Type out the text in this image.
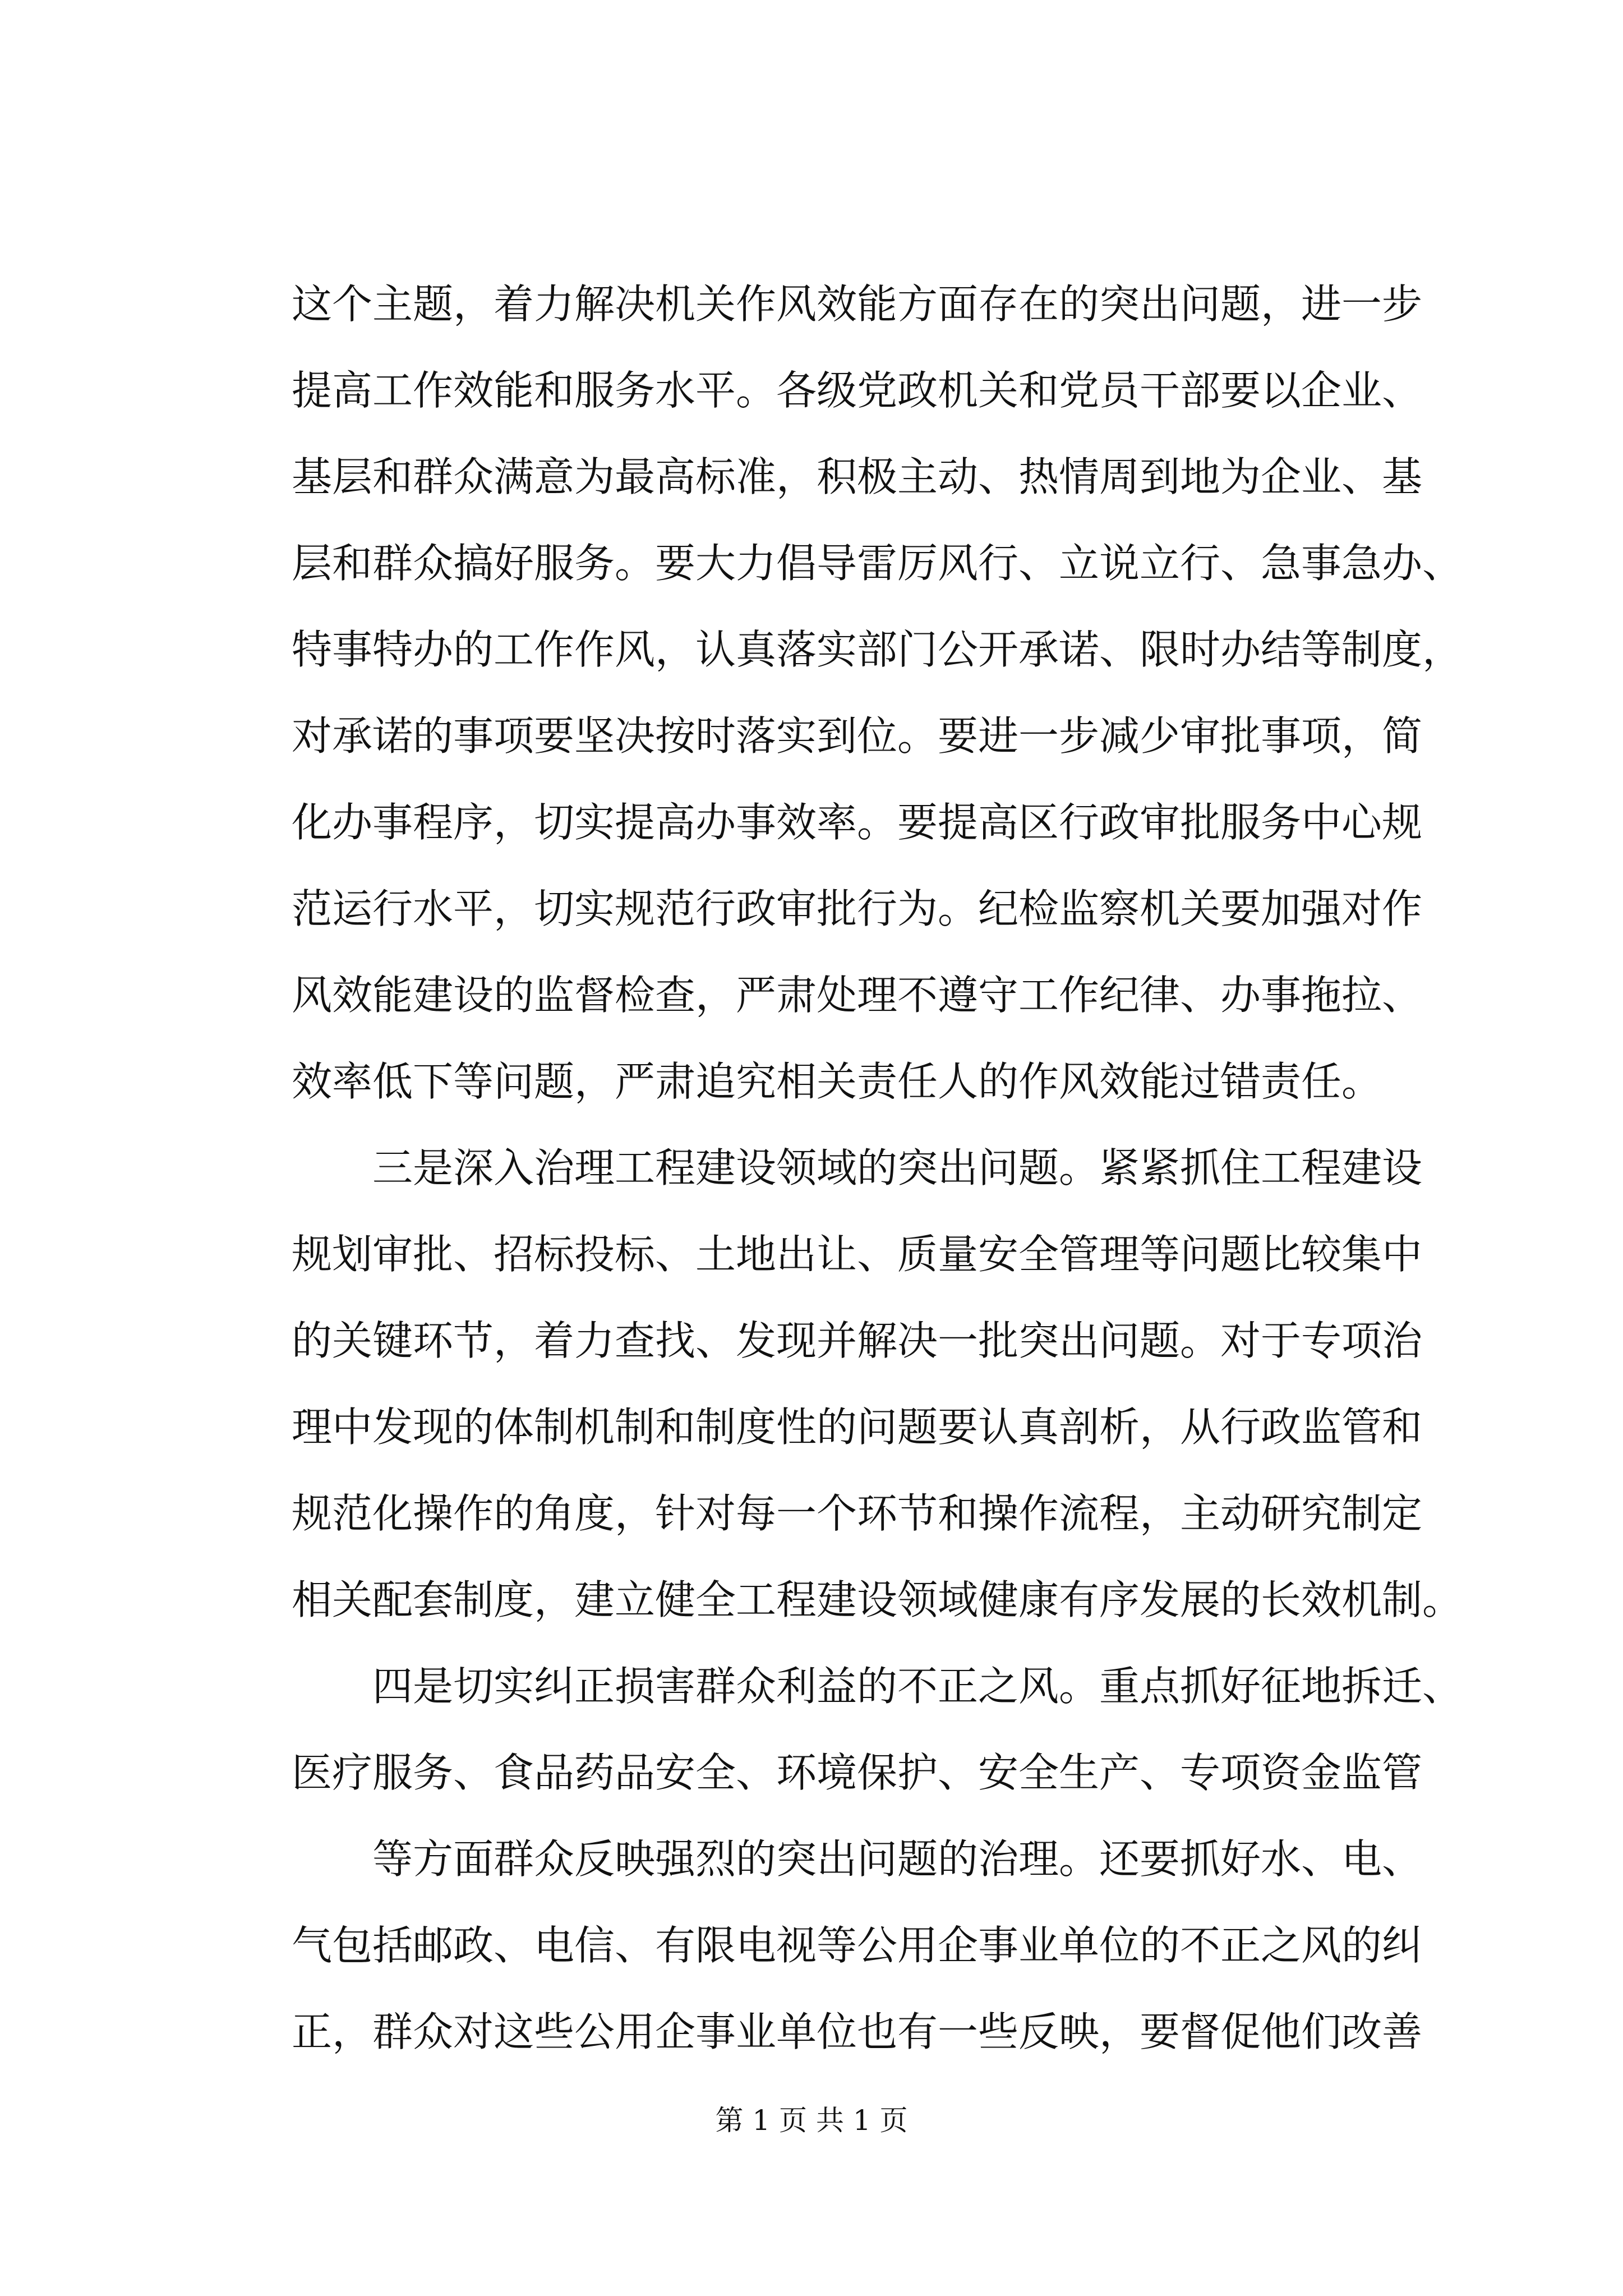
这个主题，着力解决机关作风效能方面存在的突出问题，进一步
提高工作效能和服务水平。各级党政机关和党员干部要以企业、
基层和群众满意为最高标准，积极主动、热情周到地为企业、基
层和群众搞好服务。要大力倡导雷厉风行、立说立行、急事急办、
特事特办的工作作风，认真落实部门公开承诺、限时办结等制度，
对承诺的事项要坚决按时落实到位。要进一步减少审批事项，简
化办事程序，切实提高办事效率。要提高区行政审批服务中心规
范运行水平，切实规范行政审批行为。纪检监察机关要加强对作
风效能建设的监督检查，严肃处理不遵守工作纪律、办事拖拉、
效率低下等问题，严肃追究相关责任人的作风效能过错责任。
三是深入治理工程建设领域的突出问题。紧紧抓住工程建设
规划审批、招标投标、土地出让、质量安全管理等问题比较集中
的关键环节，着力查找、发现并解决一批突出问题。对于专项治
理中发现的体制机制和制度性的问题要认真剖析，从行政监管和
规范化操作的角度，针对每一个环节和操作流程，主动研究制定
相关配套制度，建立健全工程建设领域健康有序发展的长效机制。
四是切实纠正损害群众利益的不正之风。重点抓好征地拆迁、
医疗服务、食品药品安全、环境保护、安全生产、专项资金监管
等方面群众反映强烈的突出问题的治理。还要抓好水、电、
气包括邮政、电信、有限电视等公用企事业单位的不正之风的纠
正，群众对这些公用企事业单位也有一些反映，要督促他们改善
第 1 页 共 1 页
